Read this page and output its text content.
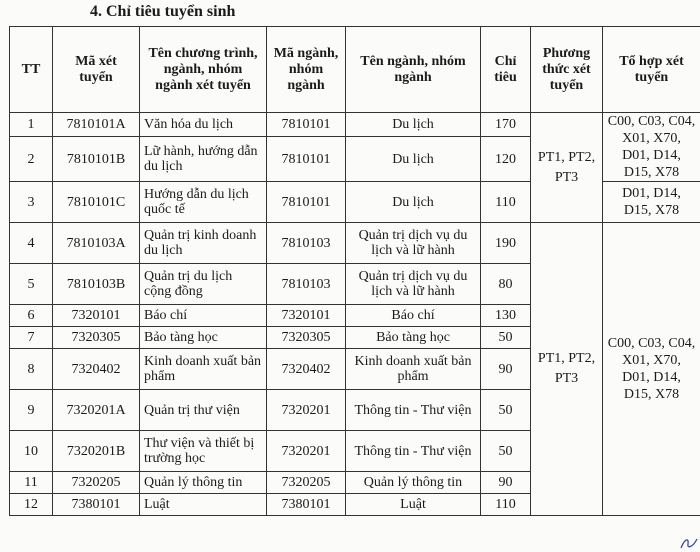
4. Chỉ tiêu tuyển sinh
TT	Mã xét tuyển	Tên chương trình, ngành, nhóm ngành xét tuyển	Mã ngành, nhóm ngành	Tên ngành, nhóm ngành	Chỉ tiêu	Phương thức xét tuyển	Tổ hợp xét tuyển
1	7810101A	Văn hóa du lịch	7810101	Du lịch	170	PT1, PT2, PT3	C00, C03, C04, X01, X70, D01, D14, D15, X78
2	7810101B	Lữ hành, hướng dẫn du lịch	7810101	Du lịch	120		
3	7810101C	Hướng dẫn du lịch quốc tế	7810101	Du lịch	110		D01, D14, D15, X78
4	7810103A	Quản trị kinh doanh du lịch	7810103	Quản trị dịch vụ du lịch và lữ hành	190	PT1, PT2, PT3	C00, C03, C04, X01, X70, D01, D14, D15, X78
5	7810103B	Quản trị du lịch cộng đồng	7810103	Quản trị dịch vụ du lịch và lữ hành	80		
6	7320101	Báo chí	7320101	Báo chí	130		
7	7320305	Bảo tàng học	7320305	Bảo tàng học	50		
8	7320402	Kinh doanh xuất bản phẩm	7320402	Kinh doanh xuất bản phẩm	90		
9	7320201A	Quản trị thư viện	7320201	Thông tin - Thư viện	50		
10	7320201B	Thư viện và thiết bị trường học	7320201	Thông tin - Thư viện	50		
11	7320205	Quản lý thông tin	7320205	Quản lý thông tin	90		
12	7380101	Luật	7380101	Luật	110		
